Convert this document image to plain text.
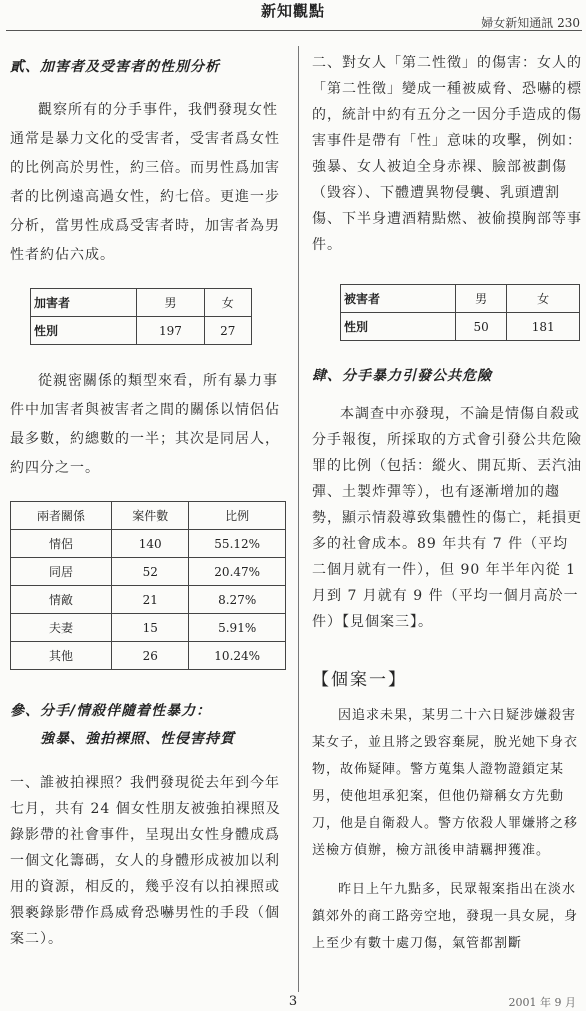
新知觀點
婦女新知通訊 230
貳、加害者及受害者的性別分析

觀察所有的分手事件，我們發現女性通常是暴力文化的受害者，受害者爲女性的比例高於男性，約三倍。而男性爲加害者的比例遠高過女性，約七倍。更進一步分析，當男性成爲受害者時，加害者為男性者約佔六成。

加害者	男	女
性別	197	27

從親密關係的類型來看，所有暴力事件中加害者與被害者之間的關係以情侶佔最多數，約總數的一半；其次是同居人，約四分之一。

兩者關係	案件數	比例
情侶	140	55.12%
同居	52	20.47%
情敵	21	8.27%
夫妻	15	5.91%
其他	26	10.24%
參、分手/情殺伴隨着性暴力：
強暴、強拍裸照、性侵害持質

一、誰被拍裸照？我們發現從去年到今年七月，共有 24 個女性朋友被強拍裸照及錄影帶的社會事件，呈現出女性身體成爲一個文化籌碼，女人的身體形成被加以利用的資源，相反的，幾乎沒有以拍裸照或猥褻錄影帶作爲威脅恐嚇男性的手段（個案二）。

二、對女人「第二性徵」的傷害：女人的「第二性徵」變成一種被威脅、恐嚇的標的，統計中約有五分之一因分手造成的傷害事件是帶有「性」意味的攻擊，例如：強暴、女人被迫全身赤裸、臉部被劃傷（毀容）、下體遭異物侵襲、乳頭遭割傷、下半身遭酒精點燃、被偷摸胸部等事件。

被害者	男	女
性別	50	181
肆、分手暴力引發公共危險

本調查中亦發現，不論是情傷自殺或分手報復，所採取的方式會引發公共危險罪的比例（包括：縱火、開瓦斯、丟汽油彈、土製炸彈等），也有逐漸增加的趨勢，顯示情殺導致集體性的傷亡，耗損更多的社會成本。89 年共有 7 件（平均二個月就有一件），但 90 年半年內從 1 月到 7 月就有 9 件（平均一個月高於一件）【見個案三】。

【個案一】

因追求未果，某男二十六日疑涉嫌殺害某女子，並且將之毀容棄屍，脫光她下身衣物，故佈疑陣。警方蒐集人證物證鎖定某男，使他坦承犯案，但他仍辯稱女方先動刀，他是自衛殺人。警方依殺人罪嫌將之移送檢方偵辦，檢方訊後申請羈押獲准。

昨日上午九點多，民眾報案指出在淡水鎮郊外的商工路旁空地，發現一具女屍，身上至少有數十處刀傷，氣管都割斷

3	2001 年 9 月
